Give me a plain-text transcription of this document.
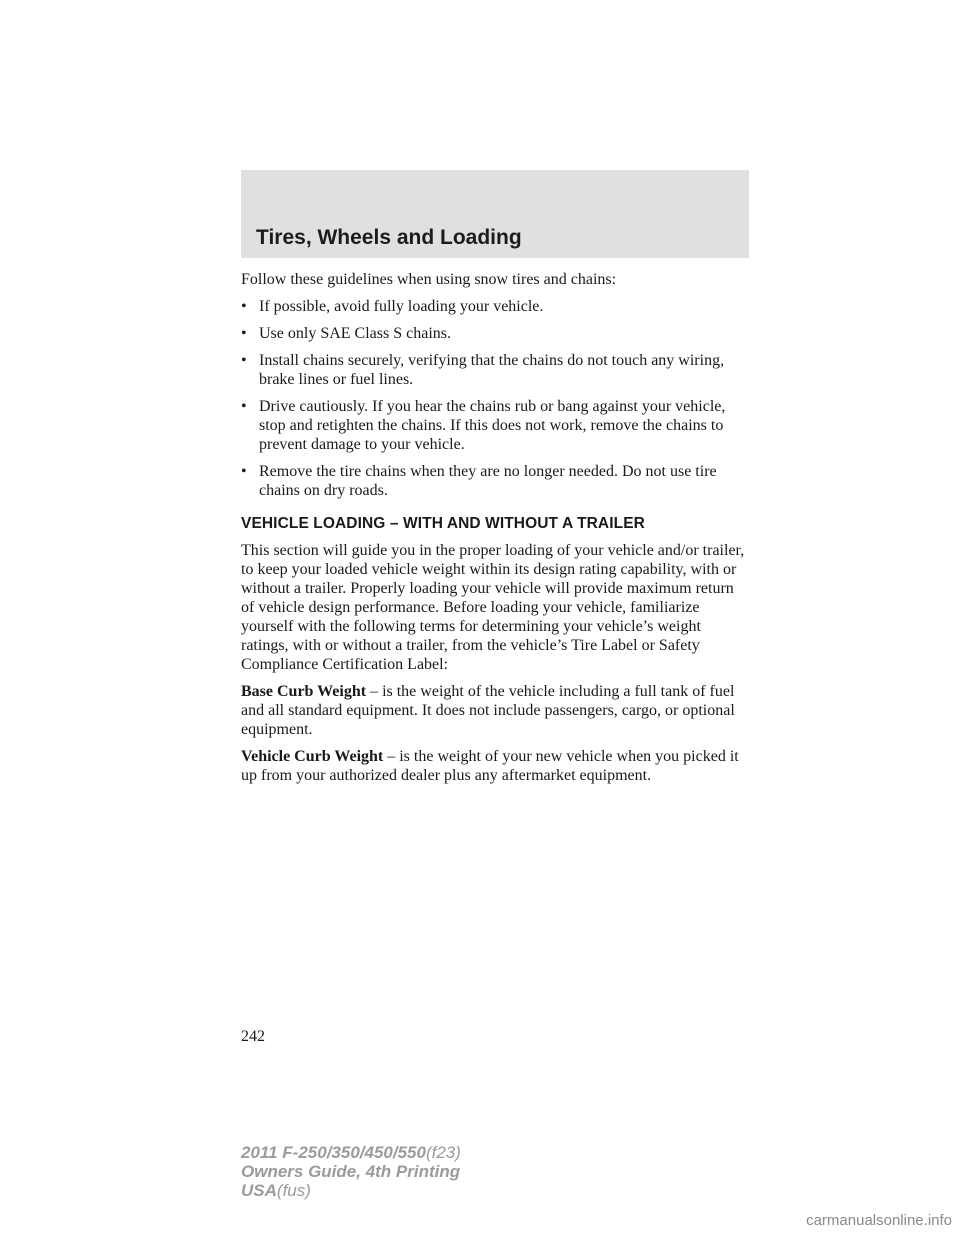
Tires, Wheels and Loading

Follow these guidelines when using snow tires and chains:

• If possible, avoid fully loading your vehicle.
• Use only SAE Class S chains.
• Install chains securely, verifying that the chains do not touch any wiring, brake lines or fuel lines.
• Drive cautiously. If you hear the chains rub or bang against your vehicle, stop and retighten the chains. If this does not work, remove the chains to prevent damage to your vehicle.
• Remove the tire chains when they are no longer needed. Do not use tire chains on dry roads.
VEHICLE LOADING – WITH AND WITHOUT A TRAILER

This section will guide you in the proper loading of your vehicle and/or trailer, to keep your loaded vehicle weight within its design rating capability, with or without a trailer. Properly loading your vehicle will provide maximum return of vehicle design performance. Before loading your vehicle, familiarize yourself with the following terms for determining your vehicle’s weight ratings, with or without a trailer, from the vehicle’s Tire Label or Safety Compliance Certification Label:

Base Curb Weight – is the weight of the vehicle including a full tank of fuel and all standard equipment. It does not include passengers, cargo, or optional equipment.

Vehicle Curb Weight – is the weight of your new vehicle when you picked it up from your authorized dealer plus any aftermarket equipment.

242
2011 F-250/350/450/550(f23)
Owners Guide, 4th Printing
USA(fus)
carmanualsonline.info
